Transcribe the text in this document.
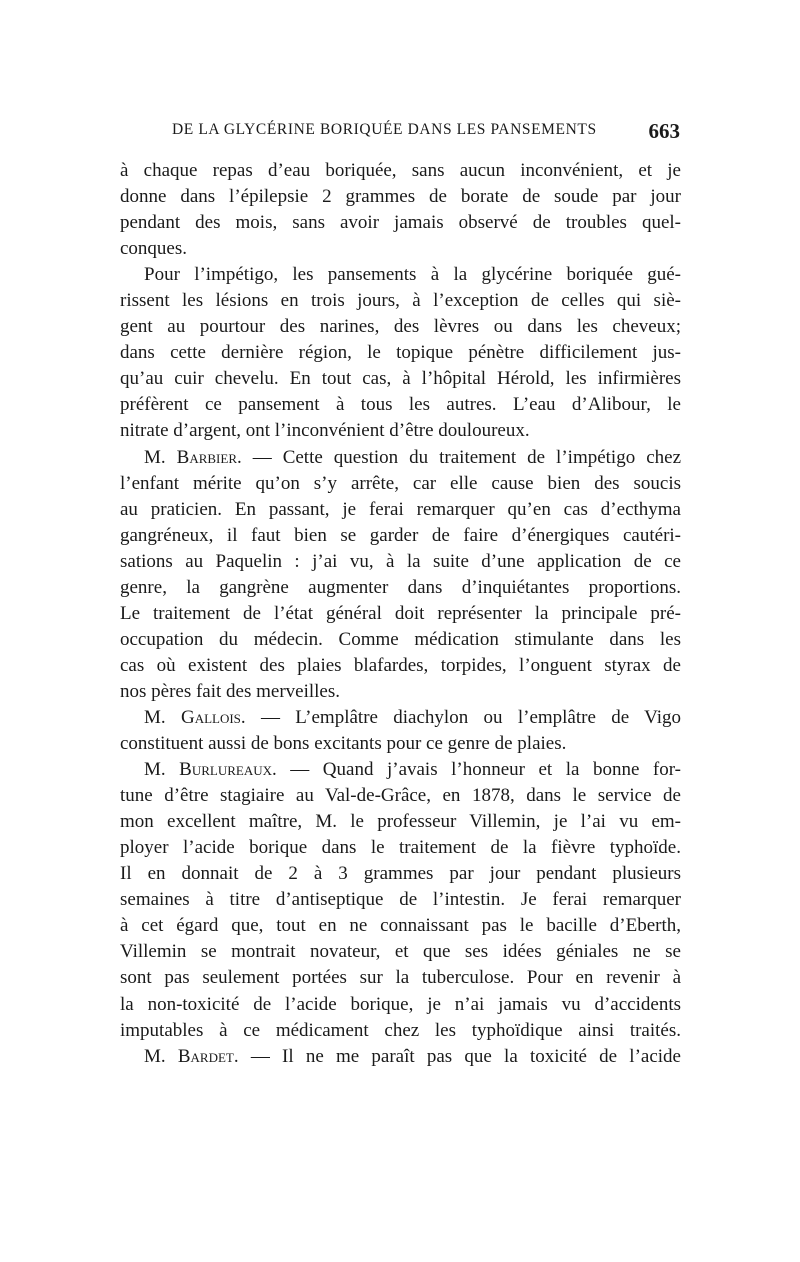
DE LA GLYCÉRINE BORIQUÉE DANS LES PANSEMENTS 663
à chaque repas d’eau boriquée, sans aucun inconvénient, et je
donne dans l’épilepsie 2 grammes de borate de soude par jour
pendant des mois, sans avoir jamais observé de troubles quel-
conques.
Pour l’impétigo, les pansements à la glycérine boriquée gué-
rissent les lésions en trois jours, à l’exception de celles qui siè-
gent au pourtour des narines, des lèvres ou dans les cheveux;
dans cette dernière région, le topique pénètre difficilement jus-
qu’au cuir chevelu. En tout cas, à l’hôpital Hérold, les infirmières
préfèrent ce pansement à tous les autres. L’eau d’Alibour, le
nitrate d’argent, ont l’inconvénient d’être douloureux.
M. Barbier. — Cette question du traitement de l’impétigo chez
l’enfant mérite qu’on s’y arrête, car elle cause bien des soucis
au praticien. En passant, je ferai remarquer qu’en cas d’ecthyma
gangréneux, il faut bien se garder de faire d’énergiques cautéri-
sations au Paquelin : j’ai vu, à la suite d’une application de ce
genre, la gangrène augmenter dans d’inquiétantes proportions.
Le traitement de l’état général doit représenter la principale pré-
occupation du médecin. Comme médication stimulante dans les
cas où existent des plaies blafardes, torpides, l’onguent styrax de
nos pères fait des merveilles.
M. Gallois. — L’emplâtre diachylon ou l’emplâtre de Vigo
constituent aussi de bons excitants pour ce genre de plaies.
M. Burlureaux. — Quand j’avais l’honneur et la bonne for-
tune d’être stagiaire au Val-de-Grâce, en 1878, dans le service de
mon excellent maître, M. le professeur Villemin, je l’ai vu em-
ployer l’acide borique dans le traitement de la fièvre typhoïde.
Il en donnait de 2 à 3 grammes par jour pendant plusieurs
semaines à titre d’antiseptique de l’intestin. Je ferai remarquer
à cet égard que, tout en ne connaissant pas le bacille d’Eberth,
Villemin se montrait novateur, et que ses idées géniales ne se
sont pas seulement portées sur la tuberculose. Pour en revenir à
la non-toxicité de l’acide borique, je n’ai jamais vu d’accidents
imputables à ce médicament chez les typhoïdique ainsi traités.
M. Bardet. — Il ne me paraît pas que la toxicité de l’acide
